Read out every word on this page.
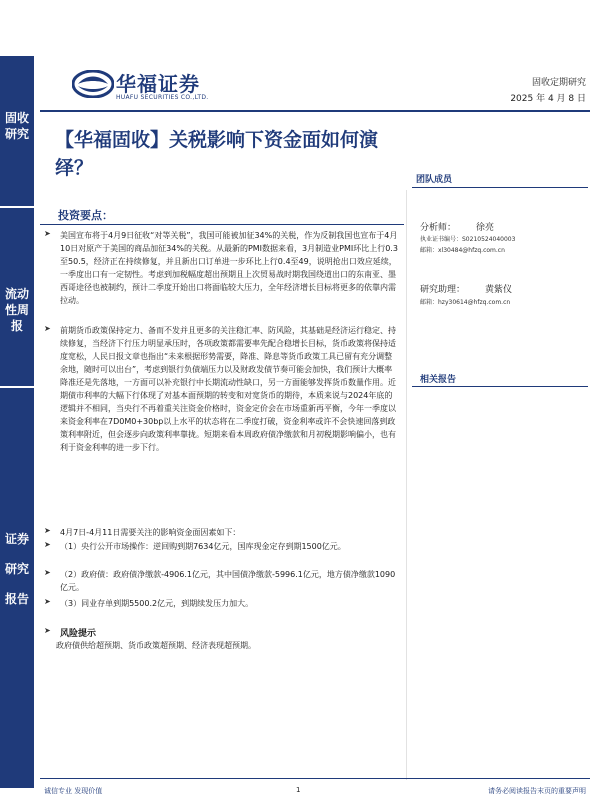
固收研究
流动性周报
证券研究报告
华福证券
HUAFU SECURITIES CO.,LTD.
固收定期研究
2025 年 4 月 8 日
【华福固收】关税影响下资金面如何演绎？
团队成员
分析师： 徐亮
执业证书编号：S0210524040003
邮箱：xl30484@hfzq.com.cn
研究助理： 黄紫仪
邮箱：hzy30614@hfzq.com.cn
相关报告
投资要点：
➤ 美国宣布将于4月9日征收“对等关税”，我国可能被加征34%的关税，作为反制我国也宣布于4月10日对原产于美国的商品加征34%的关税。从最新的PMI数据来看，3月制造业PMI环比上行0.3至50.5，经济正在持续修复，并且新出口订单进一步环比上行0.4至49，说明抢出口效应延续，一季度出口有一定韧性。考虑到加税幅度超出预期且上次贸易战时期我国绕道出口的东南亚、墨西哥途径也被制约，预计二季度开始出口将面临较大压力，全年经济增长目标将更多的依靠内需拉动。
➤ 前期货币政策保持定力、备而不发并且更多的关注稳汇率、防风险，其基础是经济运行稳定、持续修复，当经济下行压力明显承压时，各项政策都需要率先配合稳增长目标，货币政策将保持适度宽松，人民日报文章也指出“未来根据形势需要，降准、降息等货币政策工具已留有充分调整余地，随时可以出台”，考虑到银行负债端压力以及财政发债节奏可能会加快，我们预计大概率降准还是先落地，一方面可以补充银行中长期流动性缺口，另一方面能够发挥货币数量作用。近期债市利率的大幅下行体现了对基本面预期的转变和对宽货币的期待，本质来说与2024年底的逻辑并不相同，当央行不再着重关注资金价格时，资金定价会在市场重新再平衡，今年一季度以来资金利率在7D0M0+30bp以上水平的状态将在二季度打破，资金利率或许不会快速回落到政策利率附近，但会逐步向政策利率靠拢。短期来看本周政府债净缴款和月初税期影响偏小，也有利于资金利率的进一步下行。
➤ 4月7日-4月11日需要关注的影响资金面因素如下：
➤ （1）央行公开市场操作：逆回购到期7634亿元，国库现金定存到期1500亿元。
➤ （2）政府债：政府债净缴款-4906.1亿元，其中国债净缴款-5996.1亿元，地方债净缴款1090亿元。
➤ （3）同业存单到期5500.2亿元，到期续发压力加大。
➤ 风险提示
政府债供给超预期、货币政策超预期、经济表现超预期。
诚信专业 发现价值	1	请务必阅读报告末页的重要声明
